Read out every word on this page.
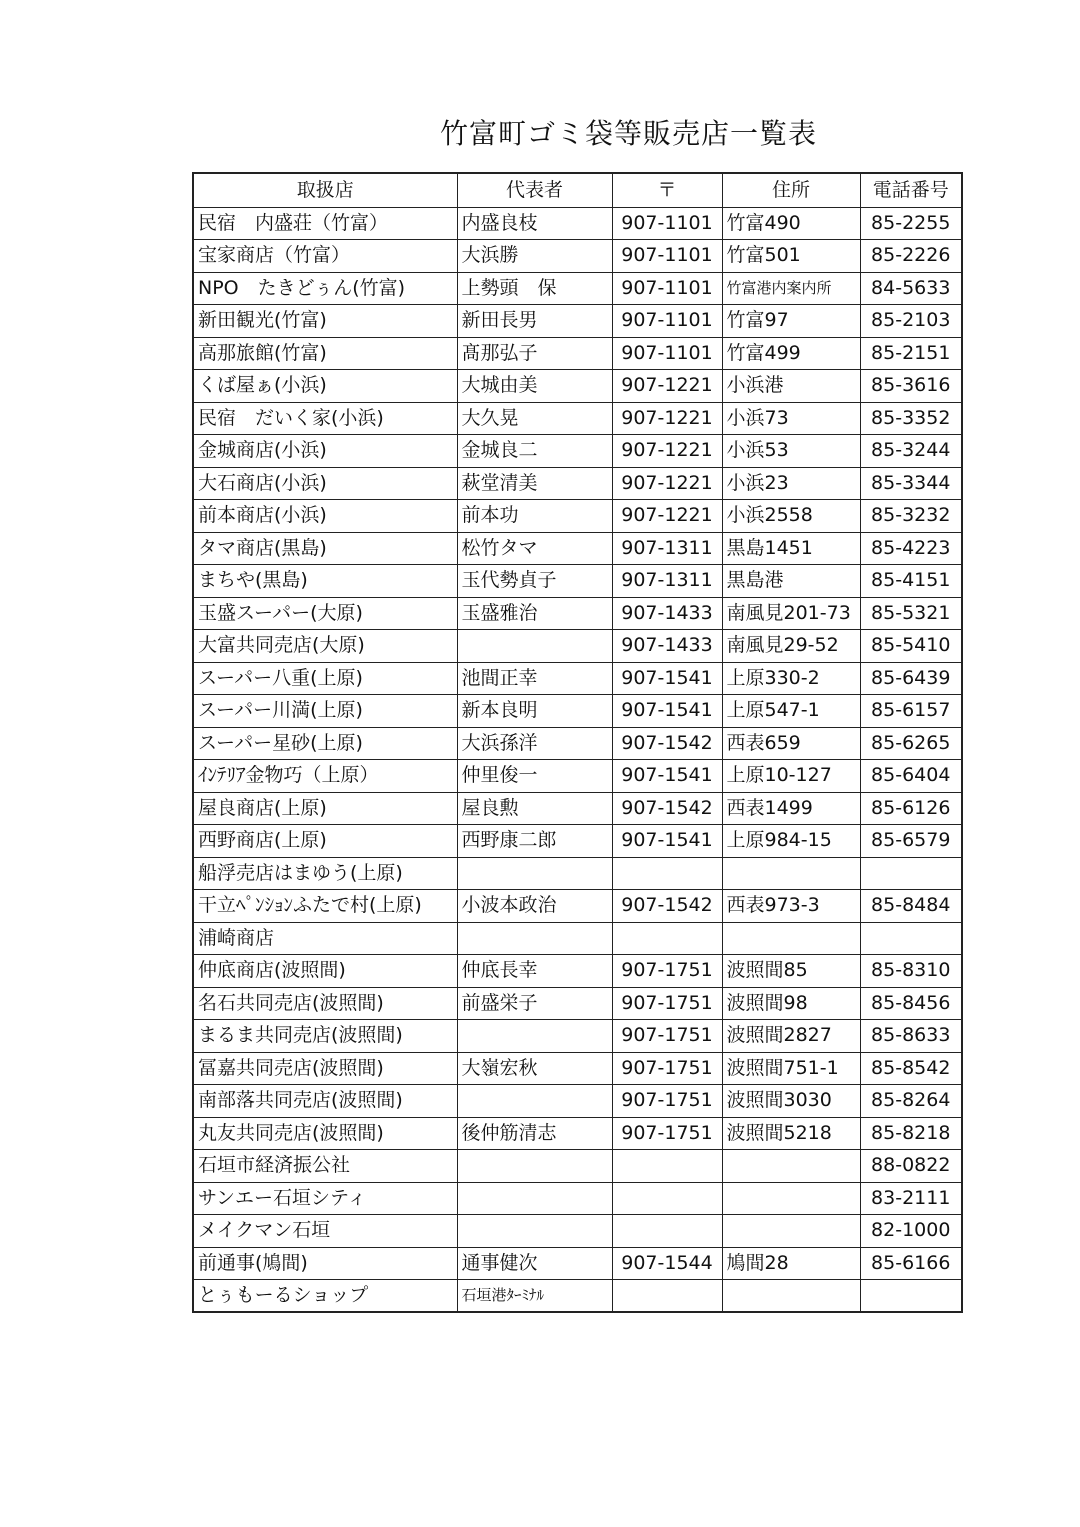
竹富町ゴミ袋等販売店一覧表
取扱店	代表者	〒	住所	電話番号
民宿　内盛荘（竹富）	内盛良枝	907-1101	竹富490	85-2255
宝家商店（竹富）	大浜勝	907-1101	竹富501	85-2226
NPO　たきどぅん(竹富)	上勢頭　保	907-1101	竹富港内案内所	84-5633
新田観光(竹富)	新田長男	907-1101	竹富97	85-2103
高那旅館(竹富)	髙那弘子	907-1101	竹富499	85-2151
くば屋ぁ(小浜)	大城由美	907-1221	小浜港	85-3616
民宿　だいく家(小浜)	大久晃	907-1221	小浜73	85-3352
金城商店(小浜)	金城良二	907-1221	小浜53	85-3244
大石商店(小浜)	萩堂清美	907-1221	小浜23	85-3344
前本商店(小浜)	前本功	907-1221	小浜2558	85-3232
タマ商店(黒島)	松竹タマ	907-1311	黒島1451	85-4223
まちや(黒島)	玉代勢貞子	907-1311	黒島港	85-4151
玉盛スーパー(大原)	玉盛雅治	907-1433	南風見201-73	85-5321
大富共同売店(大原)		907-1433	南風見29-52	85-5410
スーパー八重(上原)	池間正幸	907-1541	上原330-2	85-6439
スーパー川満(上原)	新本良明	907-1541	上原547-1	85-6157
スーパー星砂(上原)	大浜孫洋	907-1542	西表659	85-6265
ｲﾝﾃﾘｱ金物巧（上原）	仲里俊一	907-1541	上原10-127	85-6404
屋良商店(上原)	屋良勲	907-1542	西表1499	85-6126
西野商店(上原)	西野康二郎	907-1541	上原984-15	85-6579
船浮売店はまゆう(上原)				
干立ﾍﾟﾝｼｮﾝふたで村(上原)	小波本政治	907-1542	西表973-3	85-8484
浦崎商店				
仲底商店(波照間)	仲底長幸	907-1751	波照間85	85-8310
名石共同売店(波照間)	前盛栄子	907-1751	波照間98	85-8456
まるま共同売店(波照間)		907-1751	波照間2827	85-8633
冨嘉共同売店(波照間)	大嶺宏秋	907-1751	波照間751-1	85-8542
南部落共同売店(波照間)		907-1751	波照間3030	85-8264
丸友共同売店(波照間)	後仲筋清志	907-1751	波照間5218	85-8218
石垣市経済振公社				88-0822
サンエー石垣シティ				83-2111
メイクマン石垣				82-1000
前通事(鳩間)	通事健次	907-1544	鳩間28	85-6166
とぅもーるショップ	石垣港ﾀｰﾐﾅﾙ			
